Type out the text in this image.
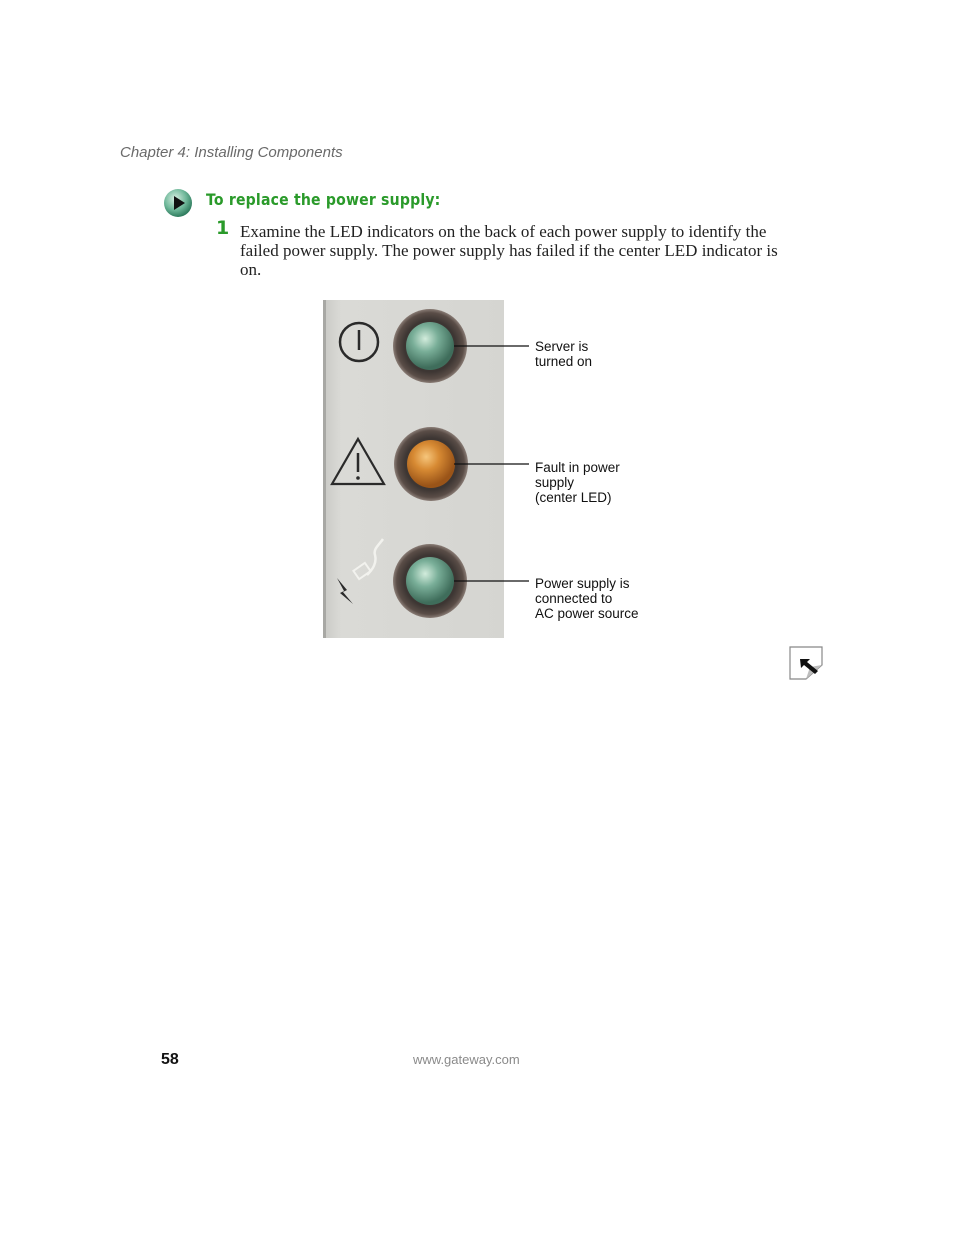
Chapter 4: Installing Components
To replace the power supply:
1 Examine the LED indicators on the back of each power supply to identify the failed power supply. The power supply has failed if the center LED indicator is on.
Server is
turned on
Fault in power
supply
(center LED)
Power supply is
connected to
AC power source
58	www.gateway.com
